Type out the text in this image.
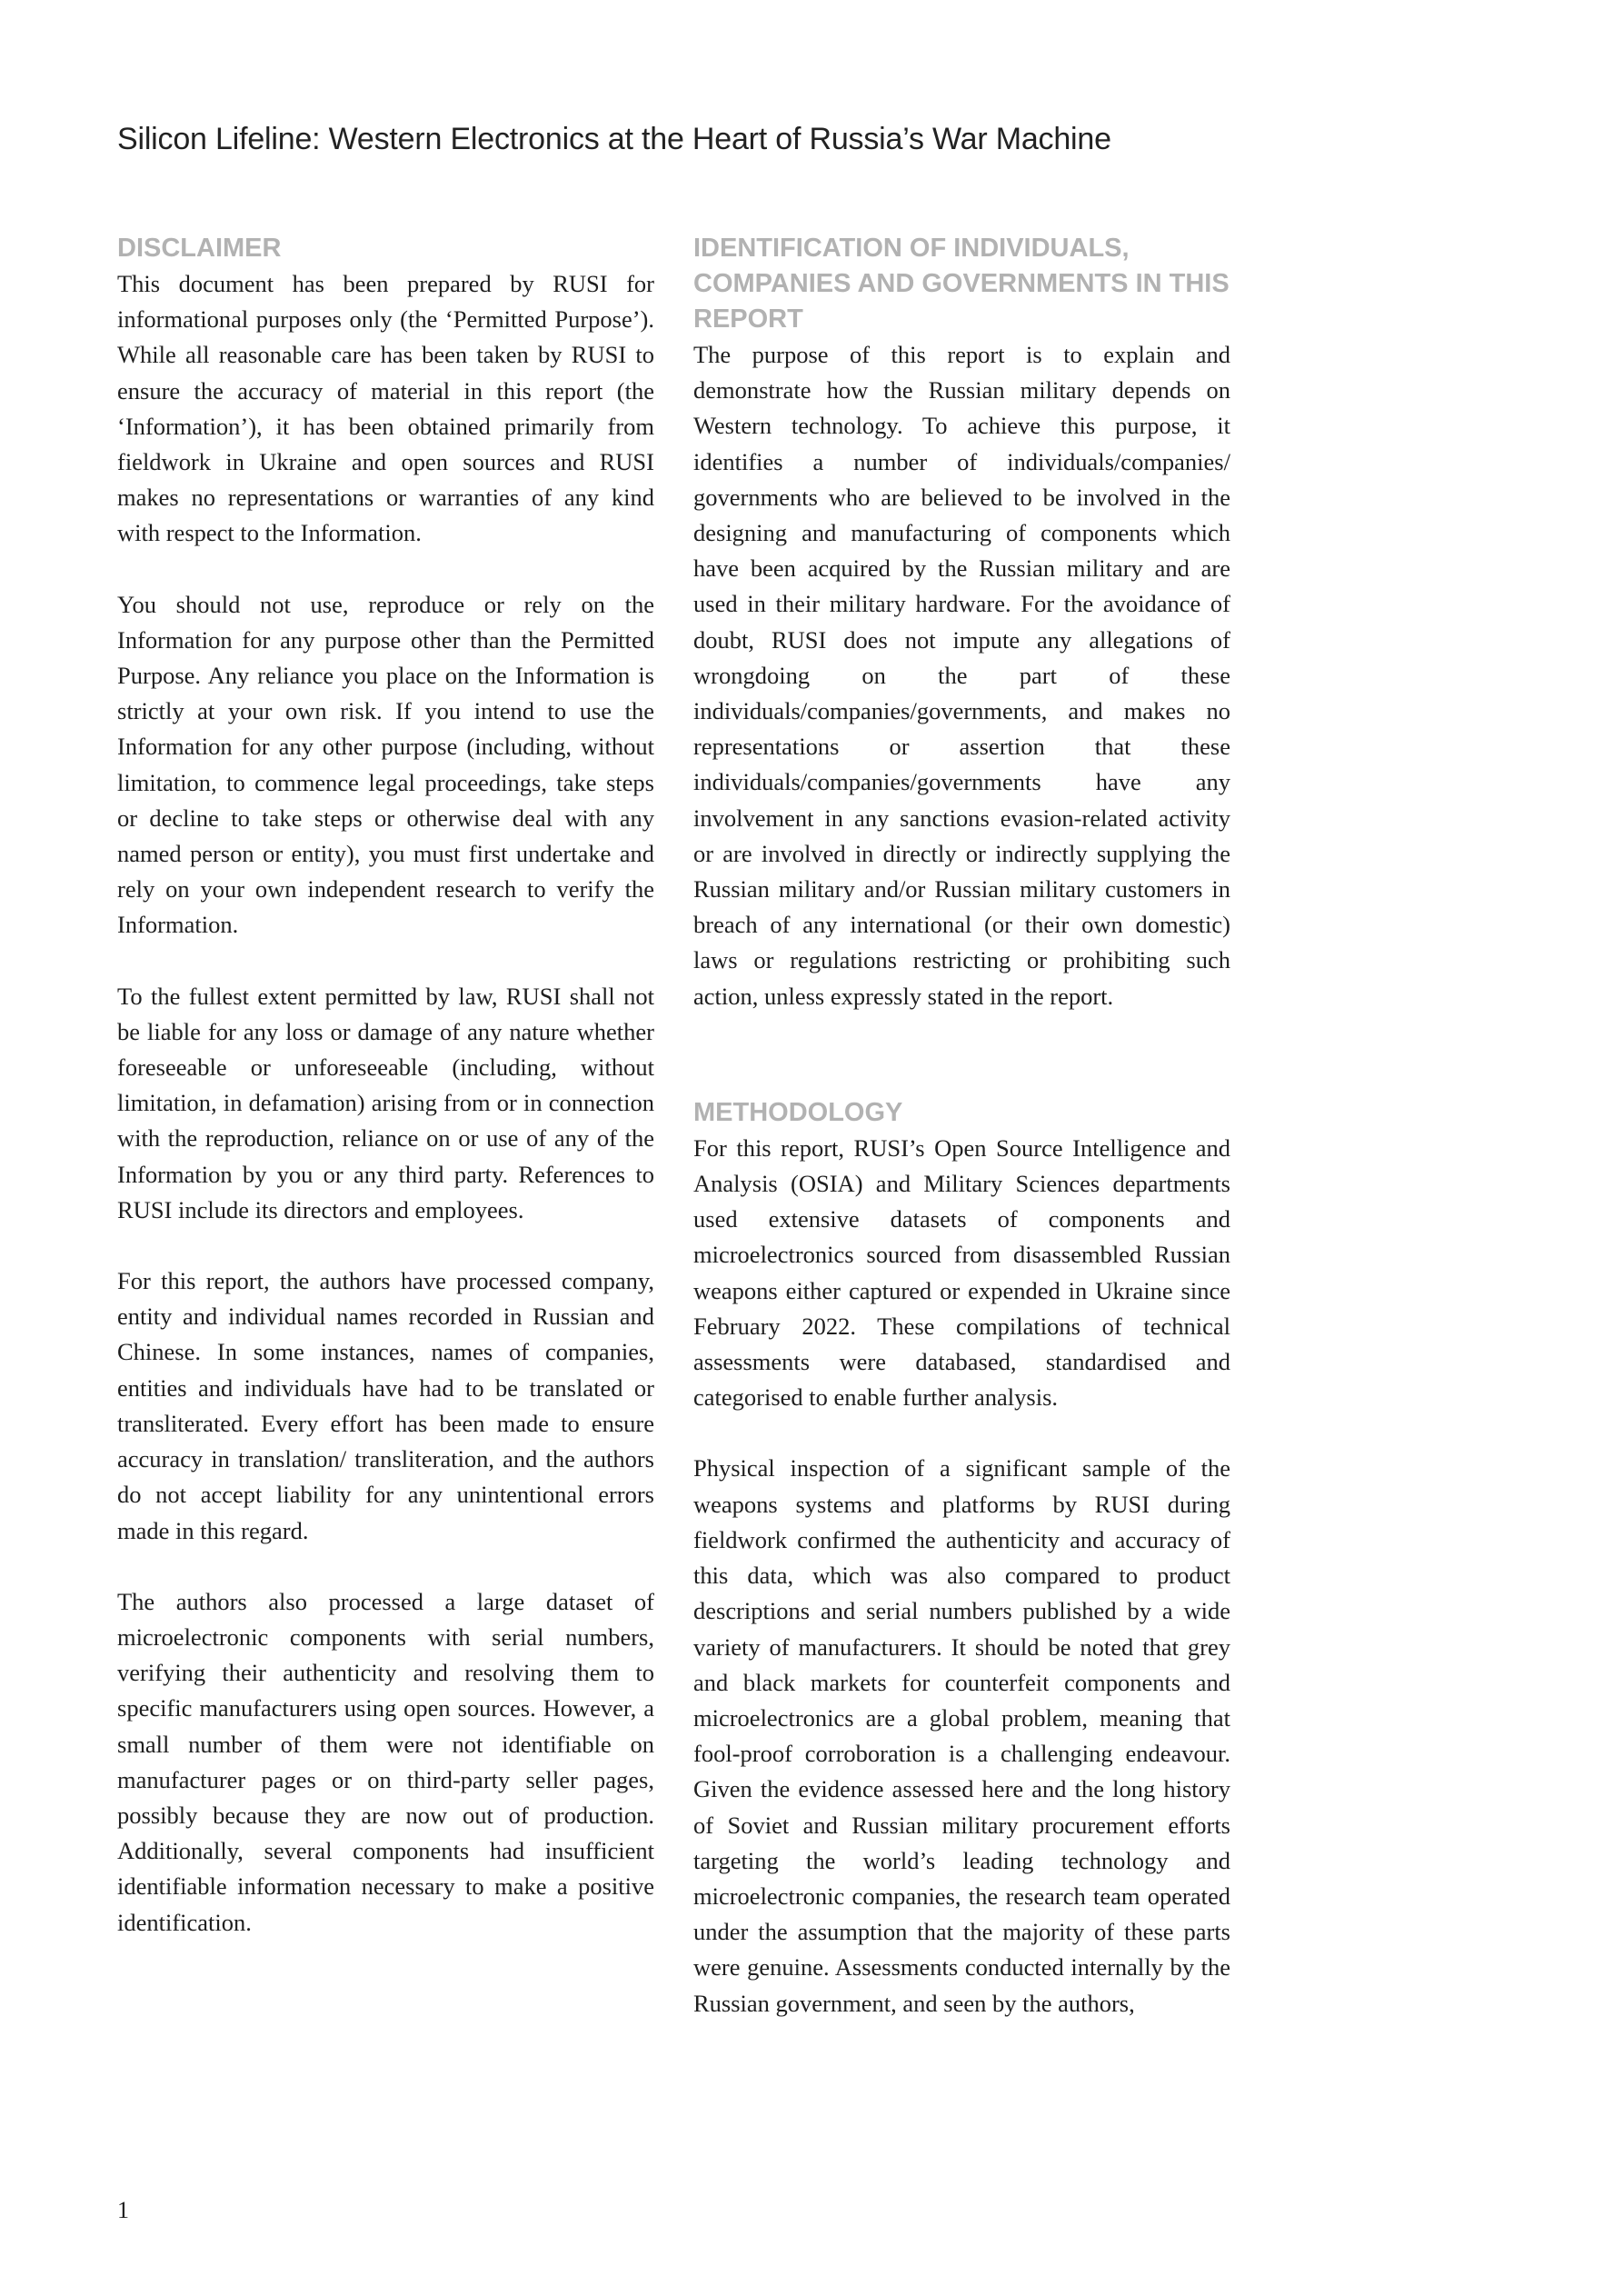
Silicon Lifeline: Western Electronics at the Heart of Russia’s War Machine
DISCLAIMER

This document has been prepared by RUSI for informational purposes only (the ‘Permitted Purpose’). While all reasonable care has been taken by RUSI to ensure the accuracy of material in this report (the ‘Information’), it has been obtained primarily from fieldwork in Ukraine and open sources and RUSI makes no representations or warranties of any kind with respect to the Information.

You should not use, reproduce or rely on the Information for any purpose other than the Permitted Purpose. Any reliance you place on the Information is strictly at your own risk. If you intend to use the Information for any other purpose (including, without limitation, to commence legal proceedings, take steps or decline to take steps or otherwise deal with any named person or entity), you must first undertake and rely on your own independent research to verify the Information.

To the fullest extent permitted by law, RUSI shall not be liable for any loss or damage of any nature whether foreseeable or unforeseeable (including, without limitation, in defamation) arising from or in connection with the reproduction, reliance on or use of any of the Information by you or any third party. References to RUSI include its directors and employees.

For this report, the authors have processed company, entity and individual names recorded in Russian and Chinese. In some instances, names of companies, entities and individuals have had to be translated or transliterated. Every effort has been made to ensure accuracy in translation/ transliteration, and the authors do not accept liability for any unintentional errors made in this regard.

The authors also processed a large dataset of microelectronic components with serial numbers, verifying their authenticity and resolving them to specific manufacturers using open sources. However, a small number of them were not identifiable on manufacturer pages or on third-party seller pages, possibly because they are now out of production. Additionally, several components had insufficient identifiable information necessary to make a positive identification.

IDENTIFICATION OF INDIVIDUALS, COMPANIES AND GOVERNMENTS IN THIS REPORT

The purpose of this report is to explain and demonstrate how the Russian military depends on Western technology. To achieve this purpose, it identifies a number of individuals/companies/ governments who are believed to be involved in the designing and manufacturing of components which have been acquired by the Russian military and are used in their military hardware. For the avoidance of doubt, RUSI does not impute any allegations of wrongdoing on the part of these individuals/companies/governments, and makes no representations or assertion that these individuals/companies/governments have any involvement in any sanctions evasion-related activity or are involved in directly or indirectly supplying the Russian military and/or Russian military customers in breach of any international (or their own domestic) laws or regulations restricting or prohibiting such action, unless expressly stated in the report.

METHODOLOGY

For this report, RUSI’s Open Source Intelligence and Analysis (OSIA) and Military Sciences departments used extensive datasets of components and microelectronics sourced from disassembled Russian weapons either captured or expended in Ukraine since February 2022. These compilations of technical assessments were databased, standardised and categorised to enable further analysis.

Physical inspection of a significant sample of the weapons systems and platforms by RUSI during fieldwork confirmed the authenticity and accuracy of this data, which was also compared to product descriptions and serial numbers published by a wide variety of manufacturers. It should be noted that grey and black markets for counterfeit components and microelectronics are a global problem, meaning that fool-proof corroboration is a challenging endeavour. Given the evidence assessed here and the long history of Soviet and Russian military procurement efforts targeting the world’s leading technology and microelectronic companies, the research team operated under the assumption that the majority of these parts were genuine. Assessments conducted internally by the Russian government, and seen by the authors,

1
